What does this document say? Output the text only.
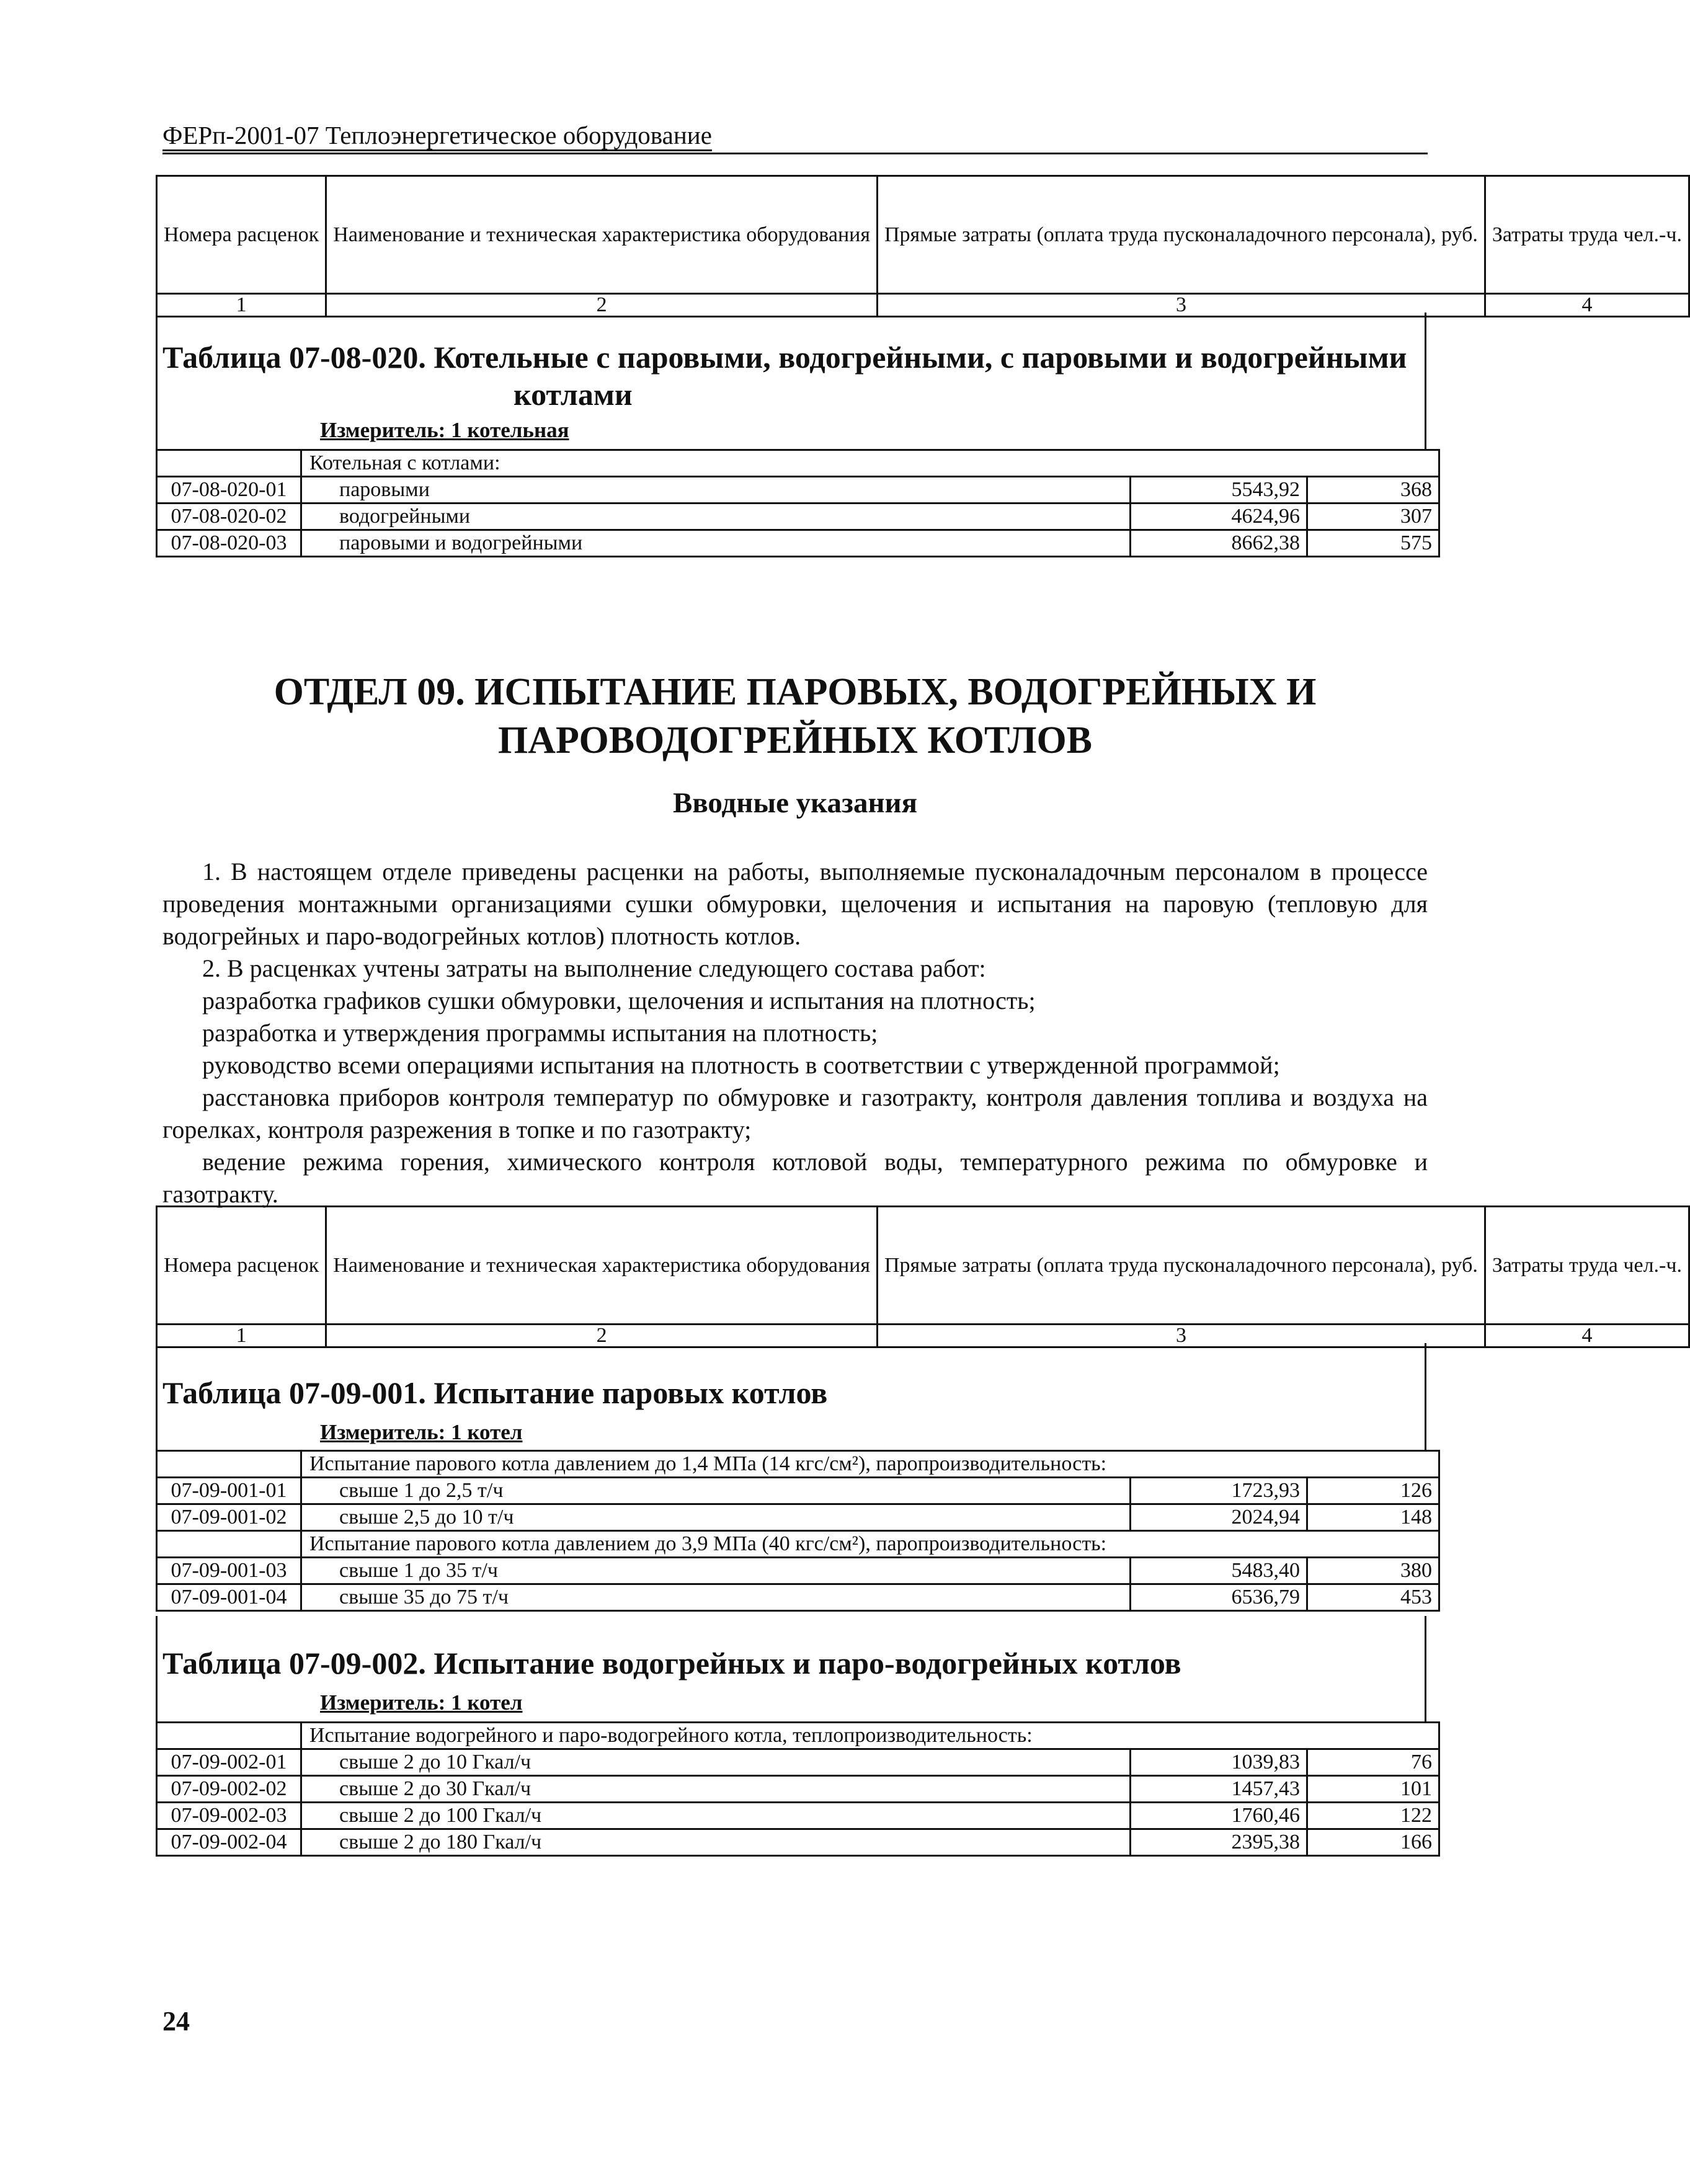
ФЕРп-2001-07 Теплоэнергетическое оборудование
Номера расценок	Наименование и техническая характеристика оборудования	Прямые затраты (оплата труда пусконаладочного персонала), руб.	Затраты труда чел.-ч.
1	2	3	4

Таблица 07-08-020. Котельные с паровыми, водогрейными, с паровыми и водогрейными

котлами

Измеритель: 1 котельная
	Котельная с котлами:		
07-08-020-01	паровыми	5543,92	368
07-08-020-02	водогрейными	4624,96	307
07-08-020-03	паровыми и водогрейными	8662,38	575
ОТДЕЛ 09. ИСПЫТАНИЕ ПАРОВЫХ, ВОДОГРЕЙНЫХ И
ПАРОВОДОГРЕЙНЫХ КОТЛОВ
Вводные указания

1. В настоящем отделе приведены расценки на работы, выполняемые пусконаладочным персоналом в процессе проведения монтажными организациями сушки обмуровки, щелочения и испытания на паровую (тепловую для водогрейных и паро-водогрейных котлов) плотность котлов.

2. В расценках учтены затраты на выполнение следующего состава работ:

разработка графиков сушки обмуровки, щелочения и испытания на плотность;

разработка и утверждения программы испытания на плотность;

руководство всеми операциями испытания на плотность в соответствии с утвержденной программой;

расстановка приборов контроля температур по обмуровке и газотракту, контроля давления топлива и воздуха на горелках, контроля разрежения в топке и по газотракту;

ведение режима горения, химического контроля котловой воды, температурного режима по обмуровке и газотракту.

Номера расценок	Наименование и техническая характеристика оборудования	Прямые затраты (оплата труда пусконаладочного персонала), руб.	Затраты труда чел.-ч.
1	2	3	4

Таблица 07-09-001. Испытание паровых котлов

Измеритель: 1 котел
	Испытание парового котла давлением до 1,4 МПа (14 кгс/см²), паропроизводительность:		
07-09-001-01	свыше 1 до 2,5 т/ч	1723,93	126
07-09-001-02	свыше 2,5 до 10 т/ч	2024,94	148
	Испытание парового котла давлением до 3,9 МПа (40 кгс/см²), паропроизводительность:		
07-09-001-03	свыше 1 до 35 т/ч	5483,40	380
07-09-001-04	свыше 35 до 75 т/ч	6536,79	453

Таблица 07-09-002. Испытание водогрейных и паро-водогрейных котлов

Измеритель: 1 котел
	Испытание водогрейного и паро-водогрейного котла, теплопроизводительность:		
07-09-002-01	свыше 2 до 10 Гкал/ч	1039,83	76
07-09-002-02	свыше 2 до 30 Гкал/ч	1457,43	101
07-09-002-03	свыше 2 до 100 Гкал/ч	1760,46	122
07-09-002-04	свыше 2 до 180 Гкал/ч	2395,38	166
24
